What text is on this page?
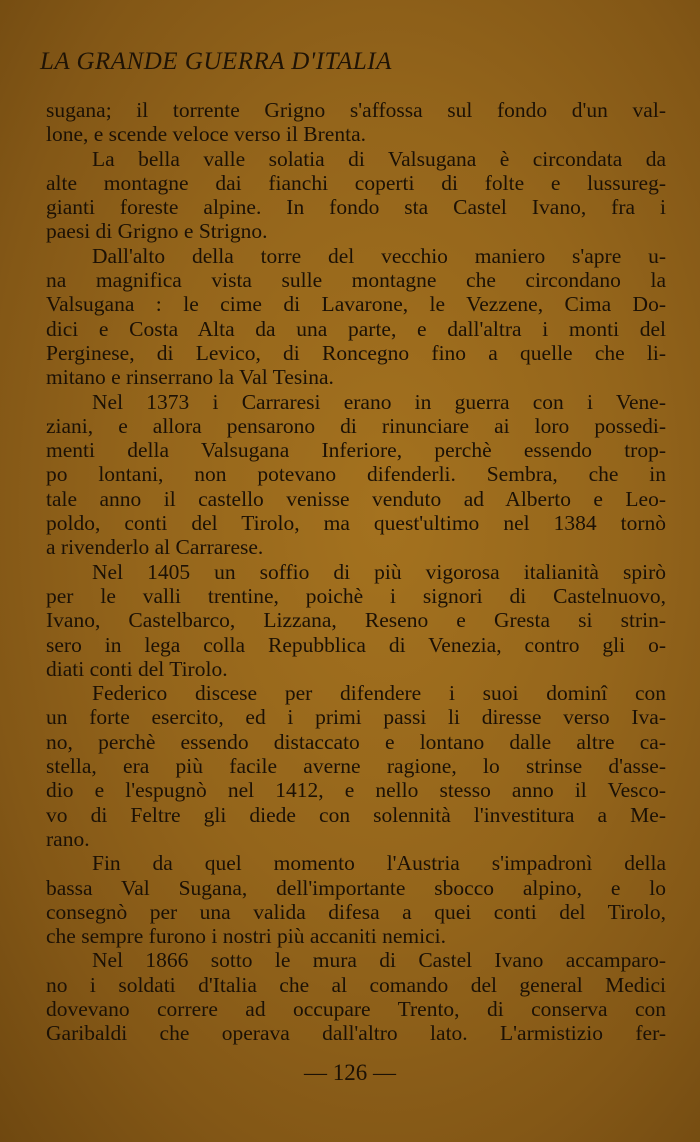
LA GRANDE GUERRA D'ITALIA
sugana; il torrente Grigno s'affossa sul fondo d'un val-
lone, e scende veloce verso il Brenta.
La bella valle solatia di Valsugana è circondata da
alte montagne dai fianchi coperti di folte e lussureg-
gianti foreste alpine. In fondo sta Castel Ivano, fra i
paesi di Grigno e Strigno.
Dall'alto della torre del vecchio maniero s'apre u-
na magnifica vista sulle montagne che circondano la
Valsugana : le cime di Lavarone, le Vezzene, Cima Do-
dici e Costa Alta da una parte, e dall'altra i monti del
Perginese, di Levico, di Roncegno fino a quelle che li-
mitano e rinserrano la Val Tesina.
Nel 1373 i Carraresi erano in guerra con i Vene-
ziani, e allora pensarono di rinunciare ai loro possedi-
menti della Valsugana Inferiore, perchè essendo trop-
po lontani, non potevano difenderli. Sembra, che in
tale anno il castello venisse venduto ad Alberto e Leo-
poldo, conti del Tirolo, ma quest'ultimo nel 1384 tornò
a rivenderlo al Carrarese.
Nel 1405 un soffio di più vigorosa italianità spirò
per le valli trentine, poichè i signori di Castelnuovo,
Ivano, Castelbarco, Lizzana, Reseno e Gresta si strin-
sero in lega colla Repubblica di Venezia, contro gli o-
diati conti del Tirolo.
Federico discese per difendere i suoi dominî con
un forte esercito, ed i primi passi li diresse verso Iva-
no, perchè essendo distaccato e lontano dalle altre ca-
stella, era più facile averne ragione, lo strinse d'asse-
dio e l'espugnò nel 1412, e nello stesso anno il Vesco-
vo di Feltre gli diede con solennità l'investitura a Me-
rano.
Fin da quel momento l'Austria s'impadronì della
bassa Val Sugana, dell'importante sbocco alpino, e lo
consegnò per una valida difesa a quei conti del Tirolo,
che sempre furono i nostri più accaniti nemici.
Nel 1866 sotto le mura di Castel Ivano accamparo-
no i soldati d'Italia che al comando del general Medici
dovevano correre ad occupare Trento, di conserva con
Garibaldi che operava dall'altro lato. L'armistizio fer-
— 126 —
